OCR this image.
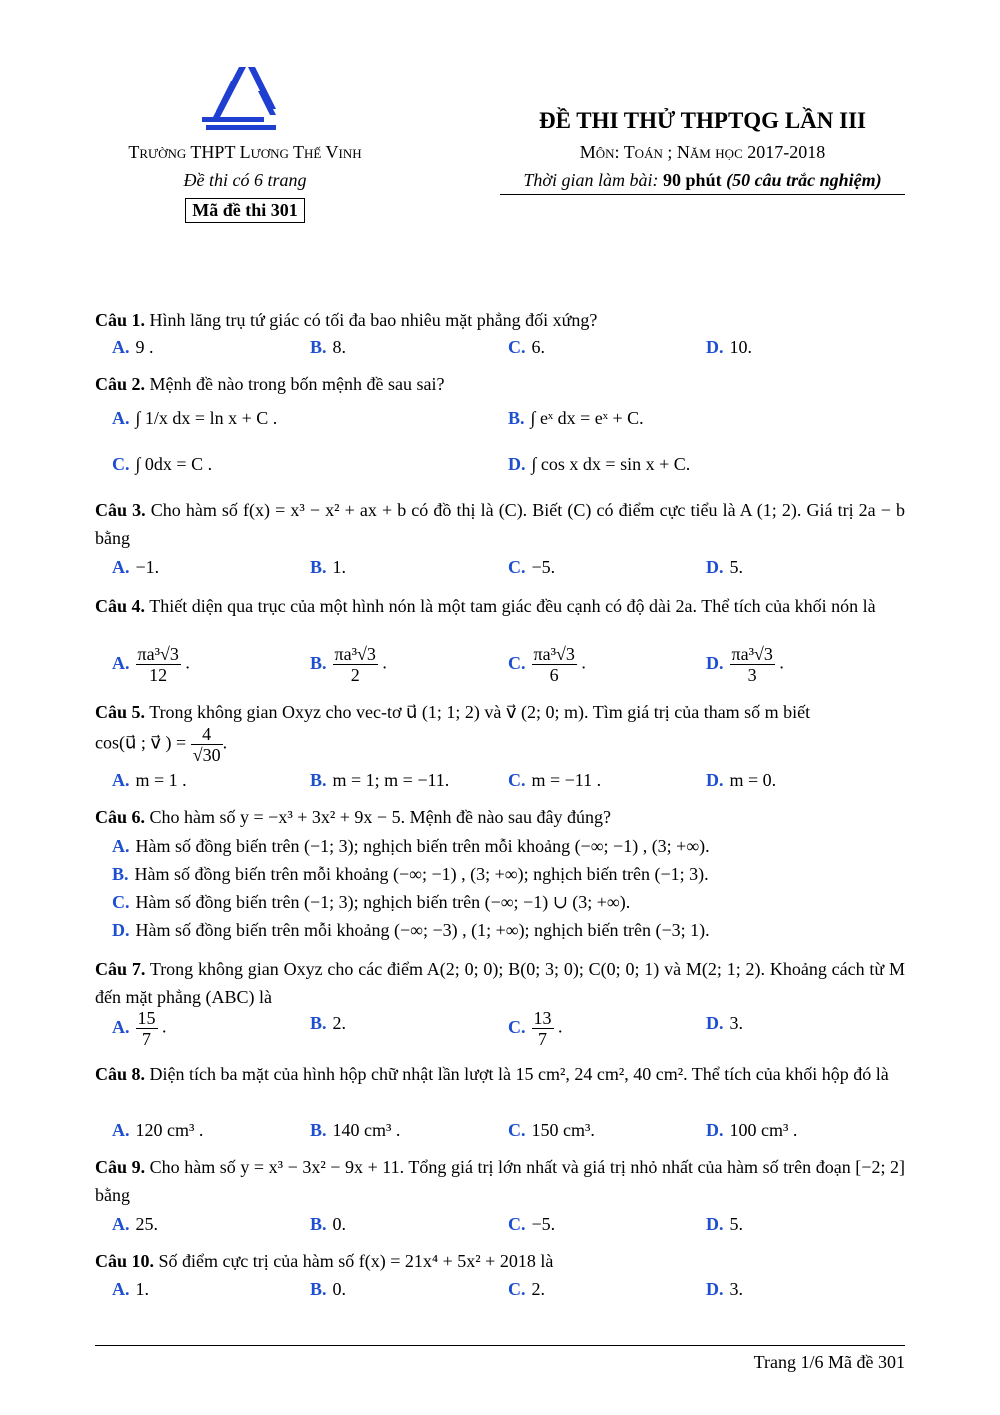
Trường THPT Lương Thế Vinh
Đề thi có 6 trang
Mã đề thi 301
ĐỀ THI THỬ THPTQG LẦN III
Môn: Toán ; Năm học 2017-2018
Thời gian làm bài: 90 phút (50 câu trắc nghiệm)
Câu 1. Hình lăng trụ tứ giác có tối đa bao nhiêu mặt phẳng đối xứng?
A. 9 .	B. 8.	C. 6.	D. 10.
Câu 2. Mệnh đề nào trong bốn mệnh đề sau sai?
A. ∫ 1/x dx = ln x + C .	B. ∫ eˣ dx = eˣ + C.
C. ∫ 0dx = C .	D. ∫ cos x dx = sin x + C.
Câu 3. Cho hàm số f(x) = x³ − x² + ax + b có đồ thị là (C). Biết (C) có điểm cực tiểu là A (1; 2). Giá trị 2a − b bằng
A. −1.	B. 1.	C. −5.	D. 5.
Câu 4. Thiết diện qua trục của một hình nón là một tam giác đều cạnh có độ dài 2a. Thể tích của khối nón là
A. $\frac{\text{πa³√3}}{12}$ .	B. $\frac{\text{πa³√3}}{2}$ .	C. $\frac{\text{πa³√3}}{6}$ .	D. $\frac{\text{πa³√3}}{3}$ .
Câu 5. Trong không gian Oxyz cho vec-tơ u⃗ (1; 1; 2) và v⃗ (2; 0; m). Tìm giá trị của tham số m biết
cos(u⃗ ; v⃗ ) = $\frac{4}{√30}$ .
A. m = 1 .	B. m = 1; m = −11.	C. m = −11 .	D. m = 0.
Câu 6. Cho hàm số y = −x³ + 3x² + 9x − 5. Mệnh đề nào sau đây đúng?
A. Hàm số đồng biến trên (−1; 3); nghịch biến trên mỗi khoảng (−∞; −1) , (3; +∞).
B. Hàm số đồng biến trên mỗi khoảng (−∞; −1) , (3; +∞); nghịch biến trên (−1; 3).
C. Hàm số đồng biến trên (−1; 3); nghịch biến trên (−∞; −1) ∪ (3; +∞).
D. Hàm số đồng biến trên mỗi khoảng (−∞; −3) , (1; +∞); nghịch biến trên (−3; 1).
Câu 7. Trong không gian Oxyz cho các điểm A(2; 0; 0); B(0; 3; 0); C(0; 0; 1) và M(2; 1; 2). Khoảng cách từ M đến mặt phẳng (ABC) là
A. $\frac{15}{7}$ .	B. 2.	C. $\frac{13}{7}$ .	D. 3.
Câu 8. Diện tích ba mặt của hình hộp chữ nhật lần lượt là 15 cm², 24 cm², 40 cm². Thể tích của khối hộp đó là
A. 120 cm³ .	B. 140 cm³ .	C. 150 cm³.	D. 100 cm³ .
Câu 9. Cho hàm số y = x³ − 3x² − 9x + 11. Tổng giá trị lớn nhất và giá trị nhỏ nhất của hàm số trên đoạn [−2; 2] bằng
A. 25.	B. 0.	C. −5.	D. 5.
Câu 10. Số điểm cực trị của hàm số f(x) = 21x⁴ + 5x² + 2018 là
A. 1.	B. 0.	C. 2.	D. 3.
Trang 1/6 Mã đề 301
